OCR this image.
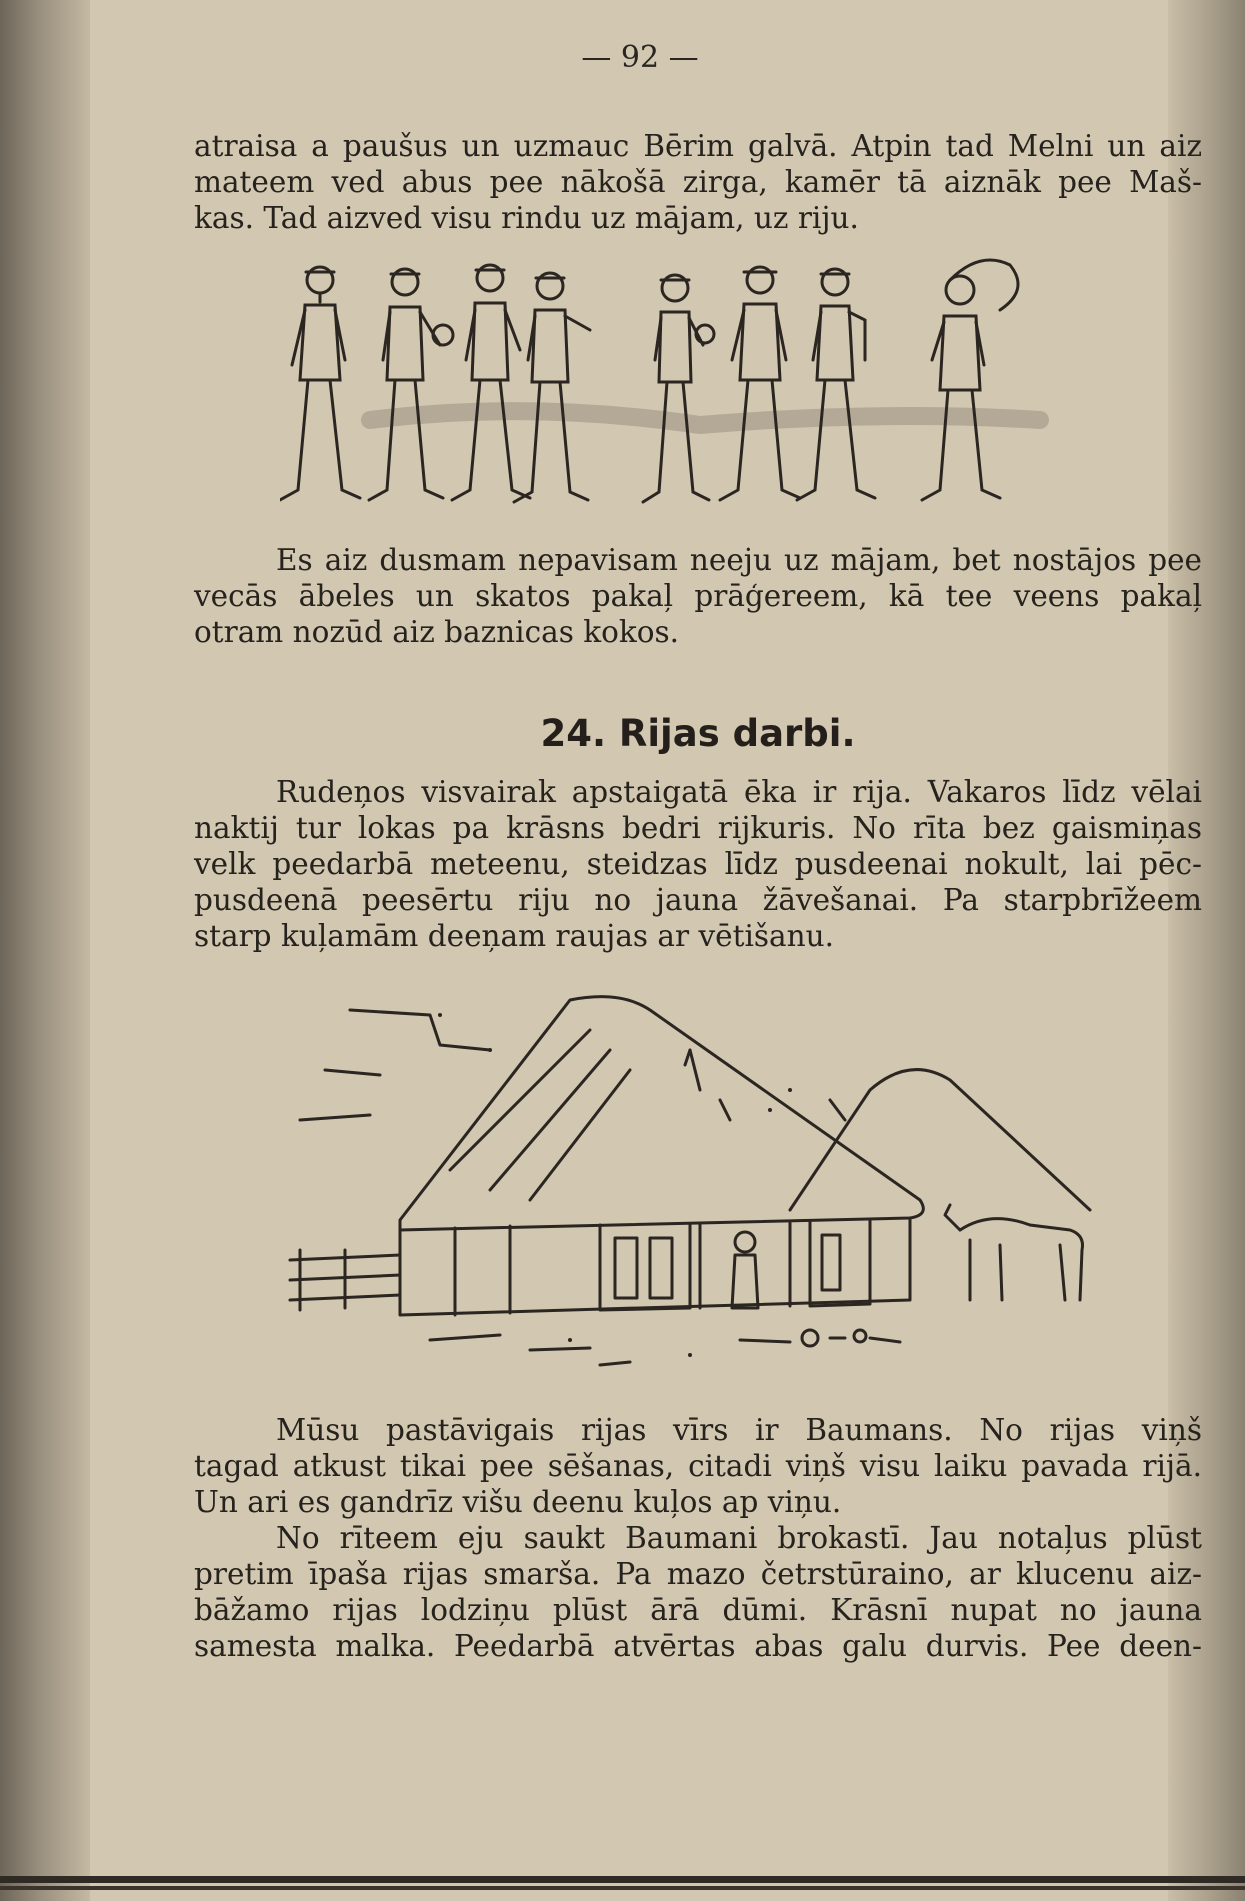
— 92 —
atraisa a paušus un uzmauc Bērim galvā. Atpin tad Melni un aiz
mateem ved abus pee nākošā zirga, kamēr tā aiznāk pee Maš-
kas. Tad aizved visu rindu uz mājam, uz riju.
Es aiz dusmam nepavisam neeju uz mājam, bet nostājos pee
vecās ābeles un skatos pakaļ prāģereem, kā tee veens pakaļ
otram nozūd aiz baznicas kokos.
24. Rijas darbi.
Rudeņos visvairak apstaigatā ēka ir rija. Vakaros līdz vēlai
naktij tur lokas pa krāsns bedri rijkuris. No rīta bez gaismiņas
velk peedarbā meteenu, steidzas līdz pusdeenai nokult, lai pēc-
pusdeenā peesērtu riju no jauna žāvešanai. Pa starpbrīžeem
starp kuļamām deeņam raujas ar vētišanu.
Mūsu pastāvigais rijas vīrs ir Baumans. No rijas viņš
tagad atkust tikai pee sēšanas, citadi viņš visu laiku pavada rijā.
Un ari es gandrīz višu deenu kuļos ap viņu.
No rīteem eju saukt Baumani brokastī. Jau notaļus plūst
pretim īpaša rijas smarša. Pa mazo četrstūraino, ar klucenu aiz-
bāžamo rijas lodziņu plūst ārā dūmi. Krāsnī nupat no jauna
samesta malka. Peedarbā atvērtas abas galu durvis. Pee deen-
